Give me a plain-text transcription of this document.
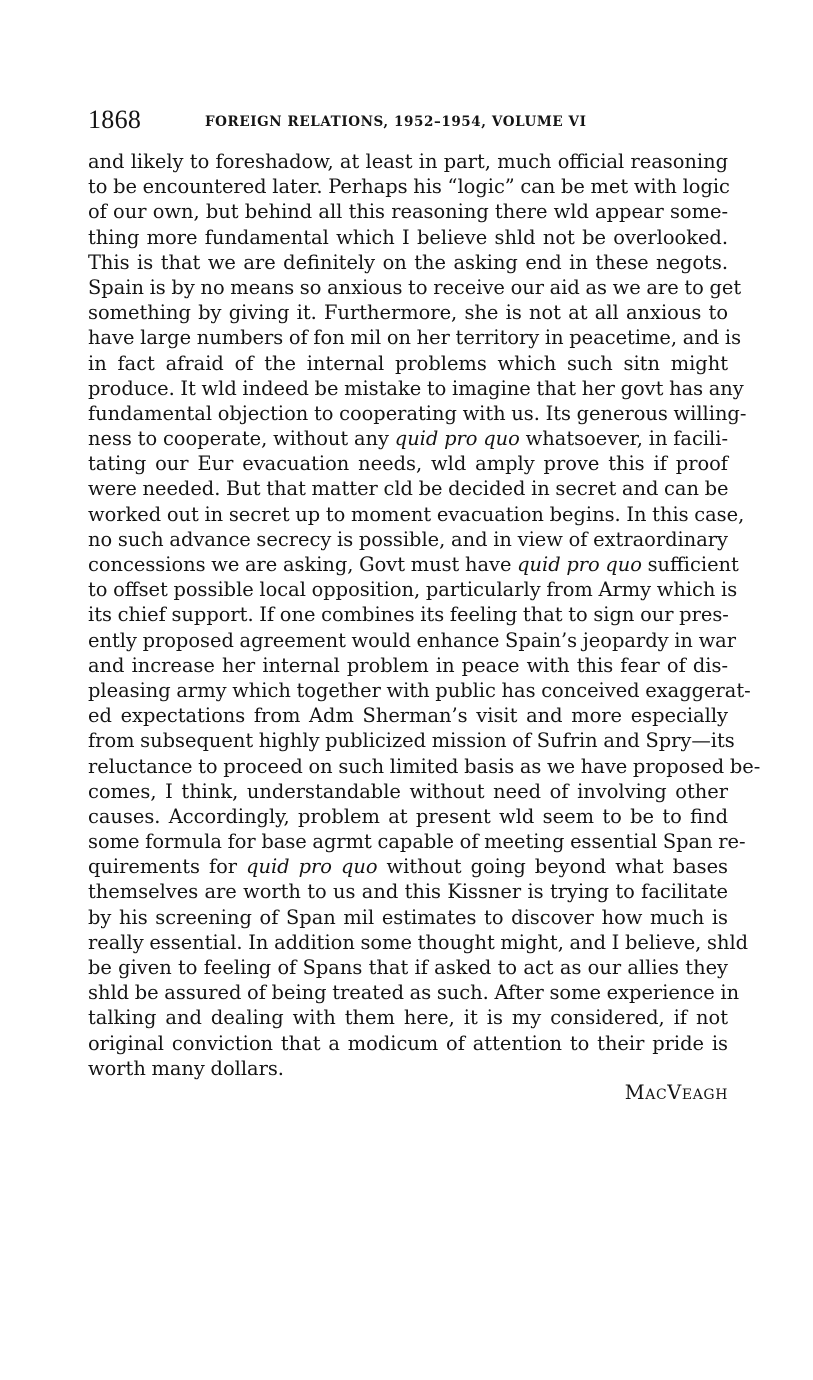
1868	FOREIGN RELATIONS, 1952–1954, VOLUME VI
and likely to foreshadow, at least in part, much official reasoning
to be encountered later. Perhaps his “logic” can be met with logic
of our own, but behind all this reasoning there wld appear some-
thing more fundamental which I believe shld not be overlooked.
This is that we are definitely on the asking end in these negots.
Spain is by no means so anxious to receive our aid as we are to get
something by giving it. Furthermore, she is not at all anxious to
have large numbers of fon mil on her territory in peacetime, and is
in fact afraid of the internal problems which such sitn might
produce. It wld indeed be mistake to imagine that her govt has any
fundamental objection to cooperating with us. Its generous willing-
ness to cooperate, without any quid pro quo whatsoever, in facili-
tating our Eur evacuation needs, wld amply prove this if proof
were needed. But that matter cld be decided in secret and can be
worked out in secret up to moment evacuation begins. In this case,
no such advance secrecy is possible, and in view of extraordinary
concessions we are asking, Govt must have quid pro quo sufficient
to offset possible local opposition, particularly from Army which is
its chief support. If one combines its feeling that to sign our pres-
ently proposed agreement would enhance Spain’s jeopardy in war
and increase her internal problem in peace with this fear of dis-
pleasing army which together with public has conceived exaggerat-
ed expectations from Adm Sherman’s visit and more especially
from subsequent highly publicized mission of Sufrin and Spry—its
reluctance to proceed on such limited basis as we have proposed be-
comes, I think, understandable without need of involving other
causes. Accordingly, problem at present wld seem to be to find
some formula for base agrmt capable of meeting essential Span re-
quirements for quid pro quo without going beyond what bases
themselves are worth to us and this Kissner is trying to facilitate
by his screening of Span mil estimates to discover how much is
really essential. In addition some thought might, and I believe, shld
be given to feeling of Spans that if asked to act as our allies they
shld be assured of being treated as such. After some experience in
talking and dealing with them here, it is my considered, if not
original conviction that a modicum of attention to their pride is
worth many dollars.
MacVeagh
